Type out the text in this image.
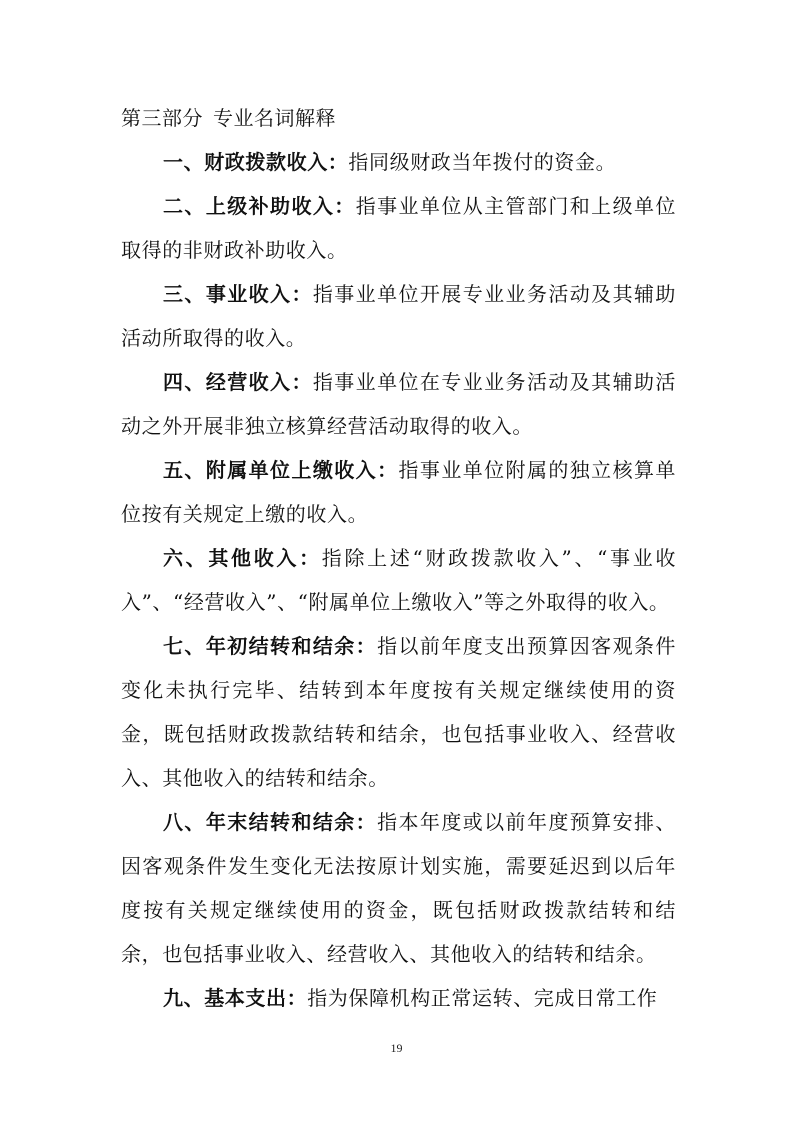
第三部分 专业名词解释

一、财政拨款收入：指同级财政当年拨付的资金。

二、上级补助收入：指事业单位从主管部门和上级单位取得的非财政补助收入。

三、事业收入：指事业单位开展专业业务活动及其辅助活动所取得的收入。

四、经营收入：指事业单位在专业业务活动及其辅助活动之外开展非独立核算经营活动取得的收入。

五、附属单位上缴收入：指事业单位附属的独立核算单位按有关规定上缴的收入。

六、其他收入：指除上述“财政拨款收入”、“事业收入”、“经营收入”、“附属单位上缴收入”等之外取得的收入。

七、年初结转和结余：指以前年度支出预算因客观条件变化未执行完毕、结转到本年度按有关规定继续使用的资金，既包括财政拨款结转和结余，也包括事业收入、经营收入、其他收入的结转和结余。

八、年末结转和结余：指本年度或以前年度预算安排、因客观条件发生变化无法按原计划实施，需要延迟到以后年度按有关规定继续使用的资金，既包括财政拨款结转和结余，也包括事业收入、经营收入、其他收入的结转和结余。

九、基本支出：指为保障机构正常运转、完成日常工作

19
